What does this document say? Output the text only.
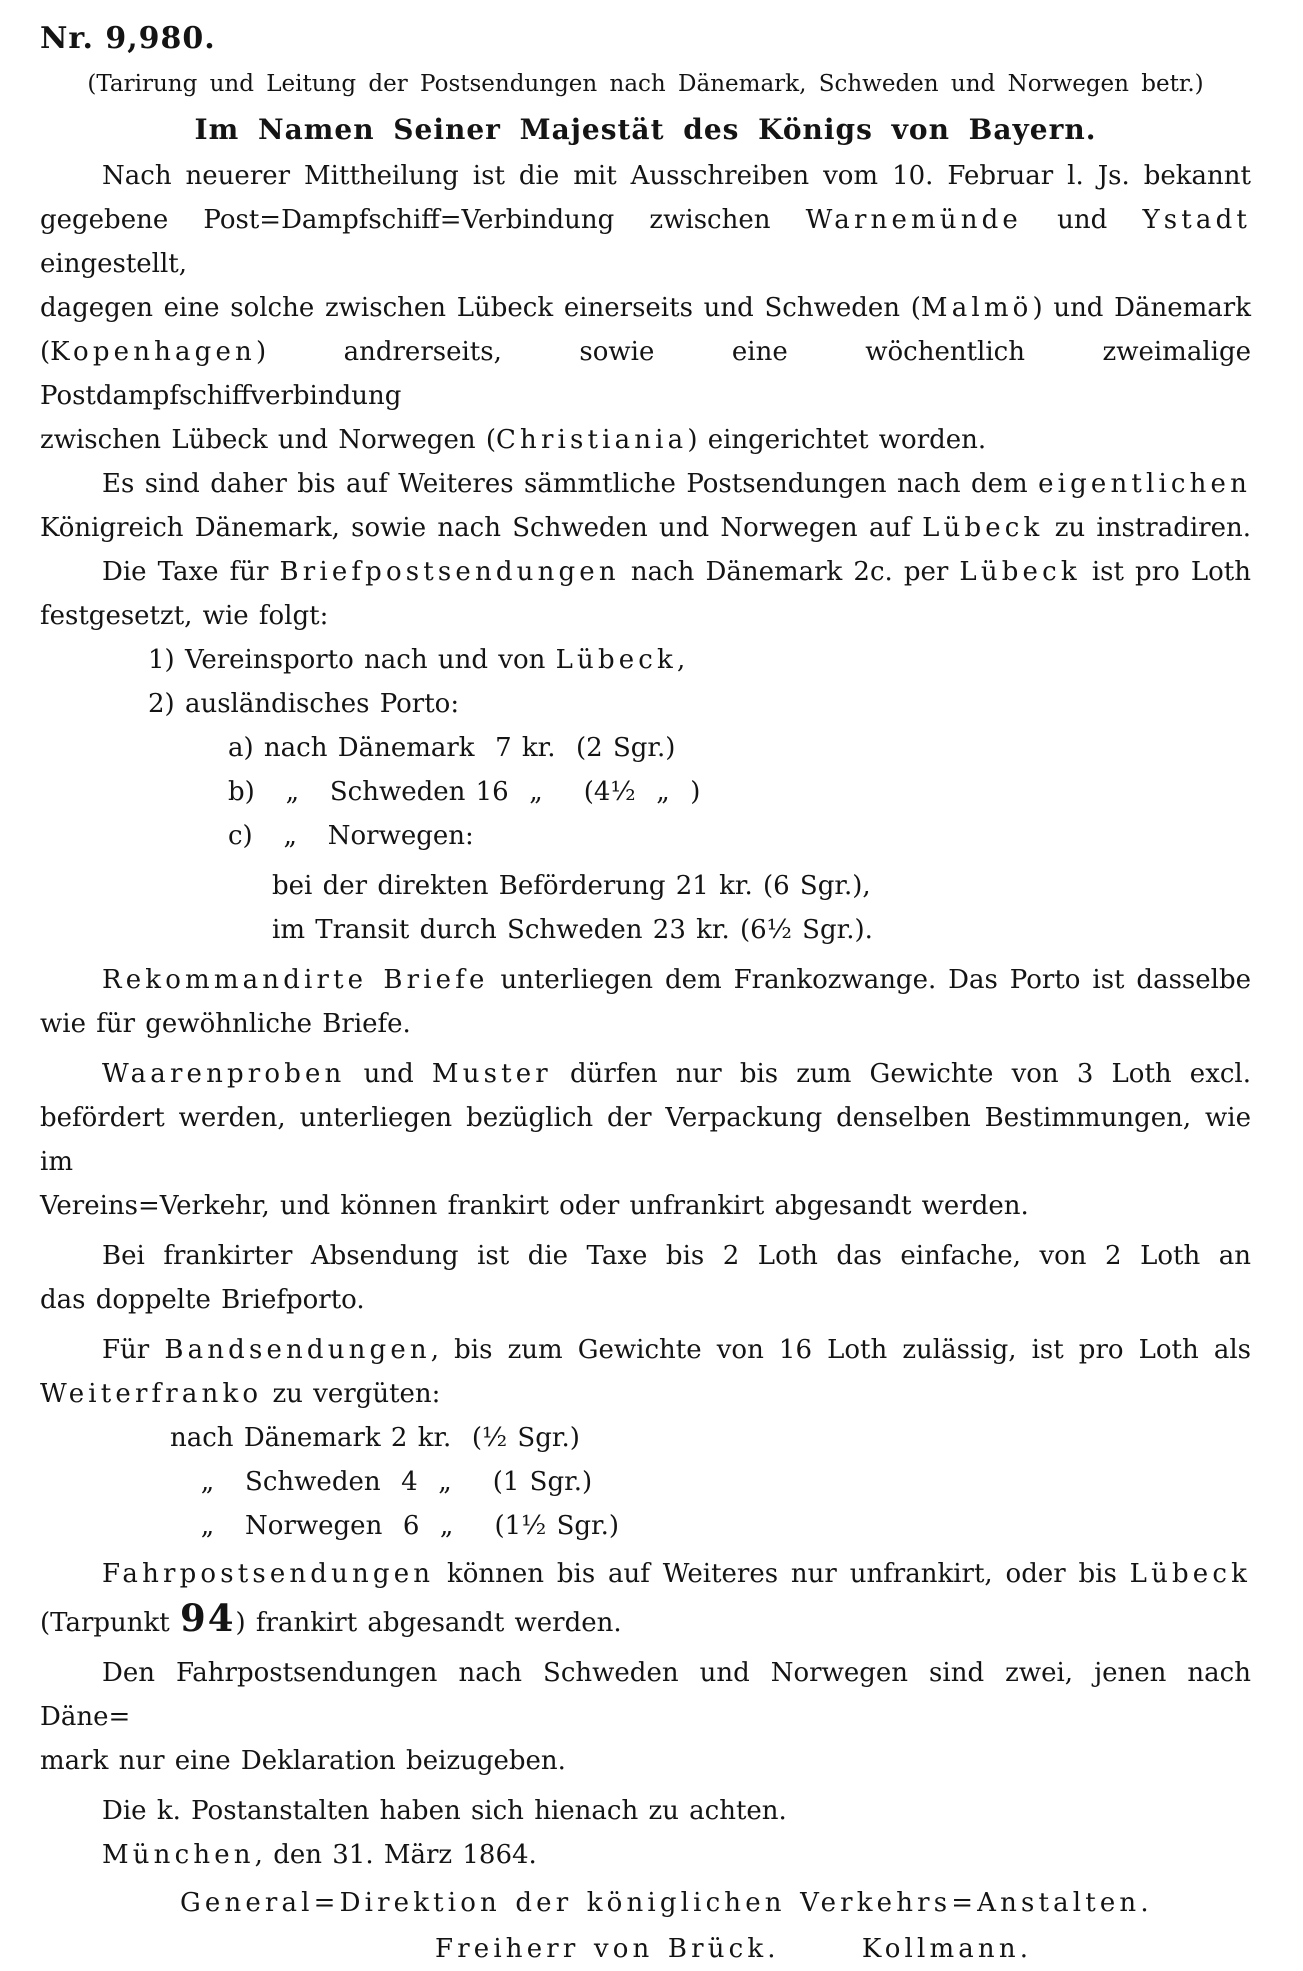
Nr. 9,980.
(Tarirung und Leitung der Postsendungen nach Dänemark, Schweden und Norwegen betr.)
Im Namen Seiner Majestät des Königs von Bayern.
Nach neuerer Mittheilung ist die mit Ausschreiben vom 10. Februar l. Js. bekannt
gegebene Post=Dampfschiff=Verbindung zwischen Warnemünde und Ystadt eingestellt,
dagegen eine solche zwischen Lübeck einerseits und Schweden (Malmö) und Dänemark
(Kopenhagen) andrerseits, sowie eine wöchentlich zweimalige Postdampfschiffverbindung
zwischen Lübeck und Norwegen (Christiania) eingerichtet worden.
Es sind daher bis auf Weiteres sämmtliche Postsendungen nach dem eigentlichen
Königreich Dänemark, sowie nach Schweden und Norwegen auf Lübeck zu instradiren.
Die Taxe für Briefpostsendungen nach Dänemark 2c. per Lübeck ist pro Loth
festgesetzt, wie folgt:
1) Vereinsporto nach und von Lübeck,
2) ausländisches Porto:
a) nach Dänemark  7 kr.  (2 Sgr.)
b)   „   Schweden 16  „    (4½  „  )
c)   „   Norwegen:
bei der direkten Beförderung 21 kr. (6 Sgr.),
im Transit durch Schweden 23 kr. (6½ Sgr.).
Rekommandirte Briefe unterliegen dem Frankozwange. Das Porto ist dasselbe
wie für gewöhnliche Briefe.
Waarenproben und Muster dürfen nur bis zum Gewichte von 3 Loth excl.
befördert werden, unterliegen bezüglich der Verpackung denselben Bestimmungen, wie im
Vereins=Verkehr, und können frankirt oder unfrankirt abgesandt werden.
Bei frankirter Absendung ist die Taxe bis 2 Loth das einfache, von 2 Loth an
das doppelte Briefporto.
Für Bandsendungen, bis zum Gewichte von 16 Loth zulässig, ist pro Loth als
Weiterfranko zu vergüten:
nach Dänemark 2 kr.  (½ Sgr.)
„   Schweden  4  „    (1 Sgr.)
„   Norwegen  6  „    (1½ Sgr.)
Fahrpostsendungen können bis auf Weiteres nur unfrankirt, oder bis Lübeck
(Tarpunkt 94) frankirt abgesandt werden.
Den Fahrpostsendungen nach Schweden und Norwegen sind zwei, jenen nach Däne=
mark nur eine Deklaration beizugeben.
Die k. Postanstalten haben sich hienach zu achten.
München, den 31. März 1864.
General=Direktion der königlichen Verkehrs=Anstalten.
Freiherr von Brück.	Kollmann.
